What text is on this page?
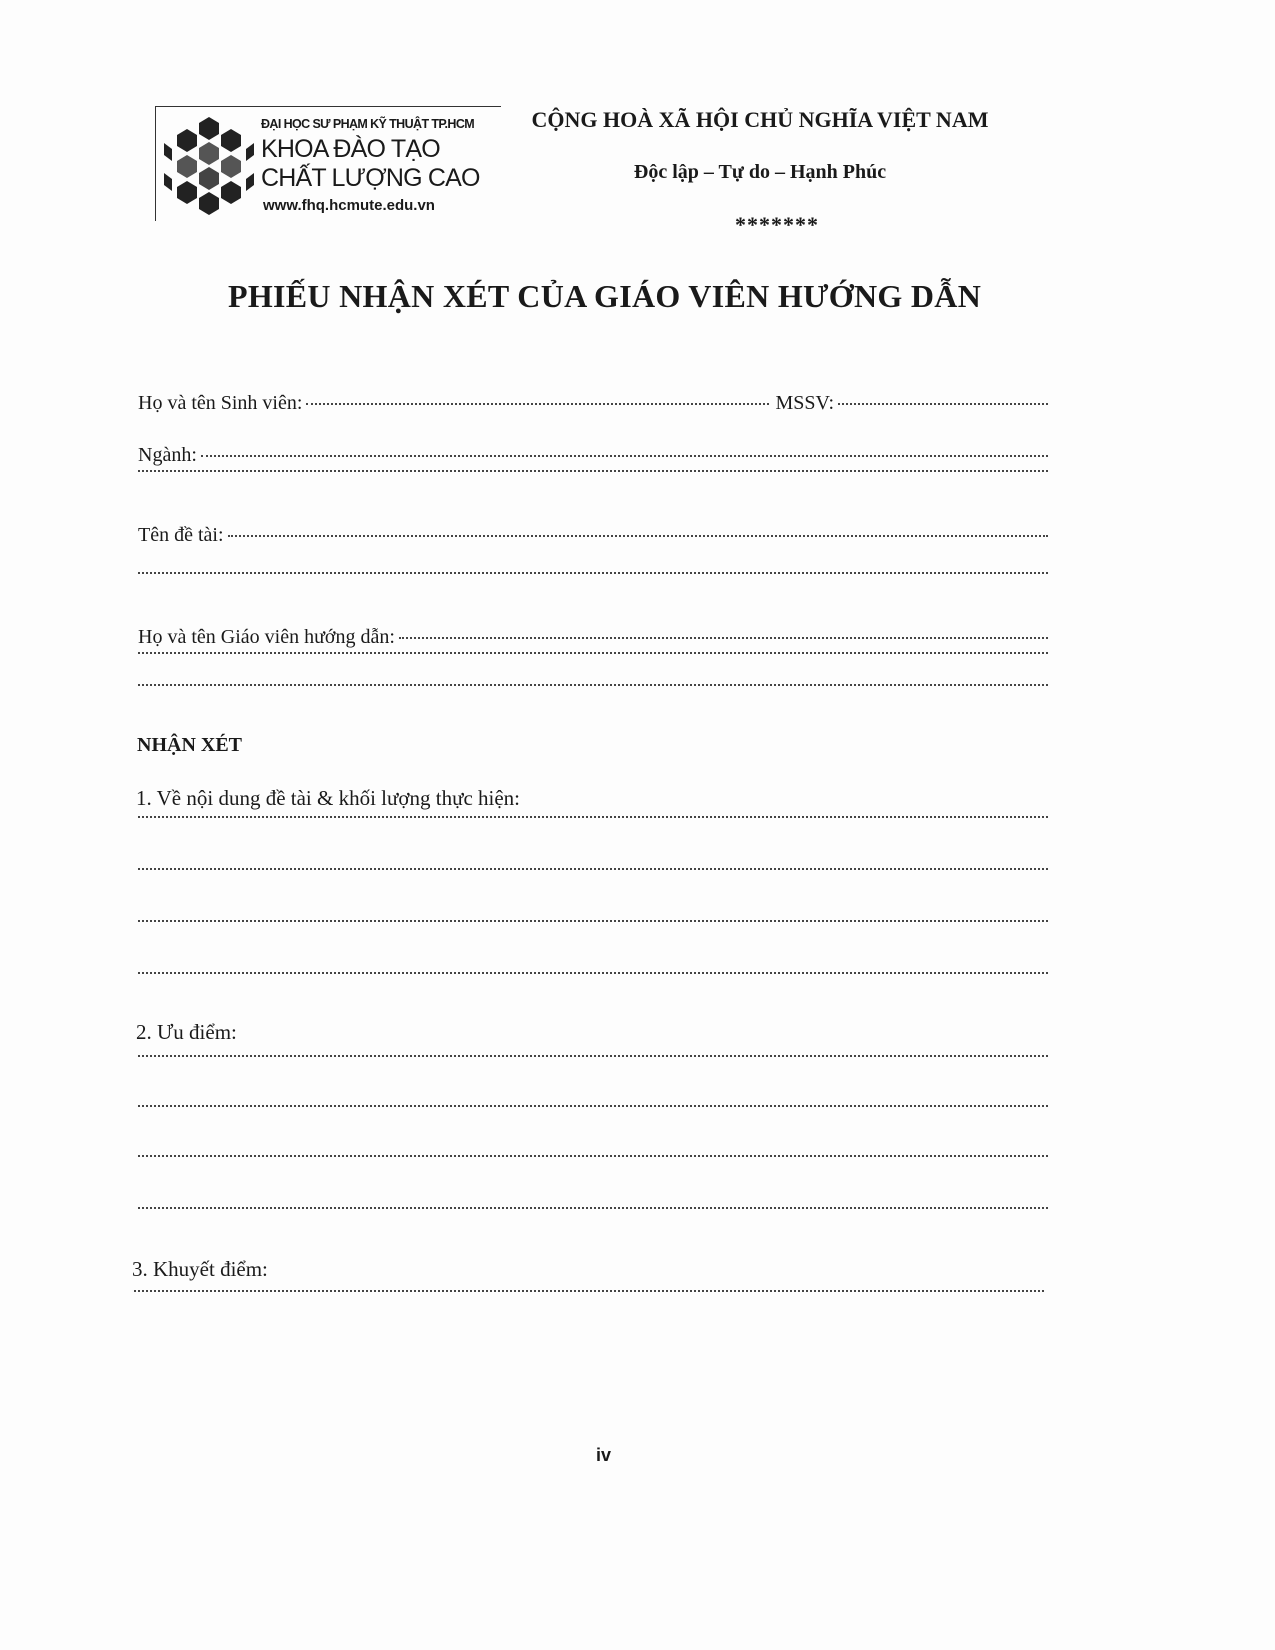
ĐẠI HỌC SƯ PHẠM KỸ THUẬT TP.HCM
KHOA ĐÀO TẠO
CHẤT LƯỢNG CAO
www.fhq.hcmute.edu.vn
CỘNG HOÀ XÃ HỘI CHỦ NGHĨA VIỆT NAM
Độc lập – Tự do – Hạnh Phúc
*******
PHIẾU NHẬN XÉT CỦA GIÁO VIÊN HƯỚNG DẪN
Họ và tên Sinh viên:	MSSV:
Ngành:
Tên đề tài:
Họ và tên Giáo viên hướng dẫn:
NHẬN XÉT
1. Về nội dung đề tài & khối lượng thực hiện:
2. Ưu điểm:
3. Khuyết điểm:
iv
